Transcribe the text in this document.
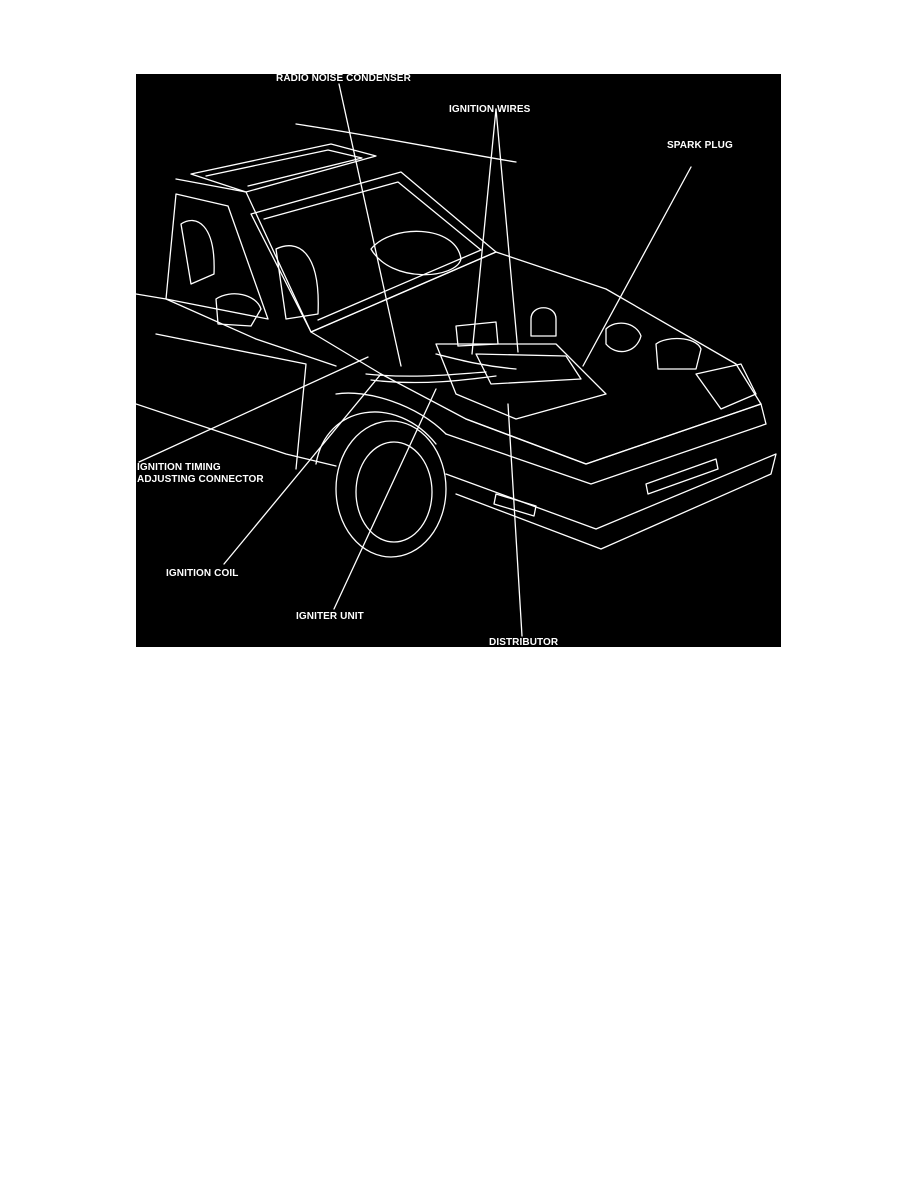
RADIO NOISE CONDENSER
IGNITION WIRES
SPARK PLUG
IGNITION TIMING
ADJUSTING CONNECTOR
IGNITION COIL
IGNITER UNIT
DISTRIBUTOR
